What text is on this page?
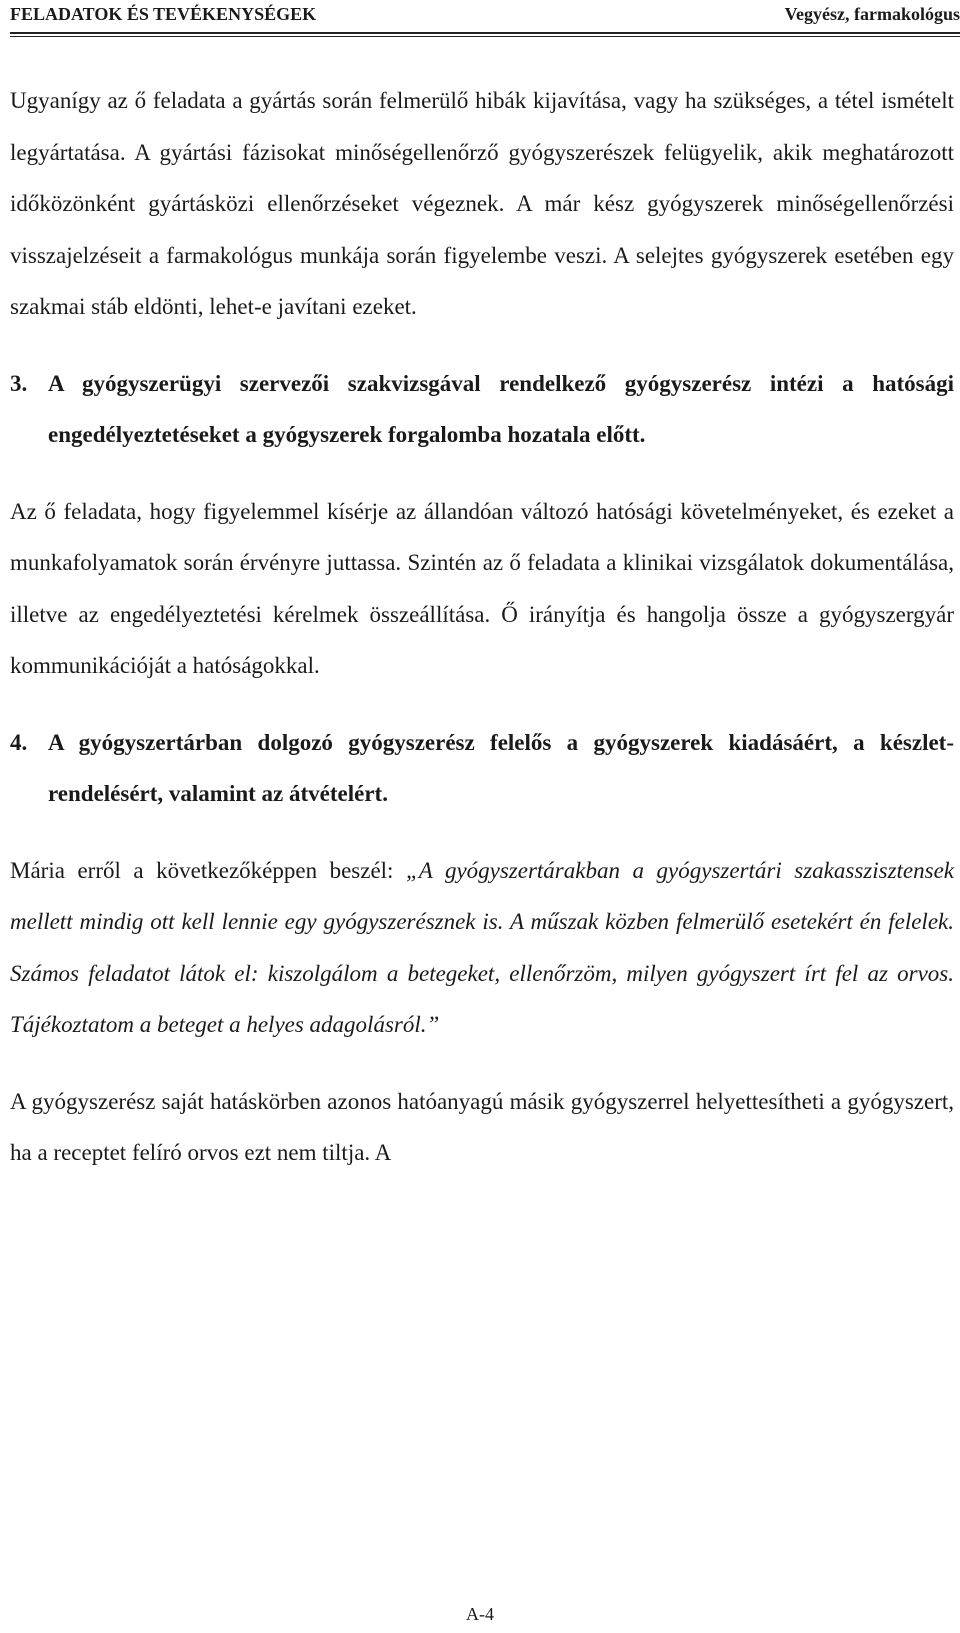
FELADATOK ÉS TEVÉKENYSÉGEK	Vegyész, farmakológus

Ugyanígy az ő feladata a gyártás során felmerülő hibák kijavítása, vagy ha szükséges, a tétel ismételt legyártatása. A gyártási fázisokat minőségellenőrző gyógyszerészek felügyelik, akik meghatározott időközönként gyártásközi ellenőrzéseket végeznek. A már kész gyógyszerek minőségellenőrzési visszajelzéseit a farmakológus munkája során figyelembe veszi. A selejtes gyógyszerek esetében egy szakmai stáb eldönti, lehet-e javítani ezeket.

3. A gyógyszerügyi szervezői szakvizsgával rendelkező gyógyszerész intézi a hatósági engedélyeztetéseket a gyógyszerek forgalomba hozatala előtt.

Az ő feladata, hogy figyelemmel kísérje az állandóan változó hatósági követelményeket, és ezeket a munkafolyamatok során érvényre juttassa. Szintén az ő feladata a klinikai vizsgálatok dokumentálása, illetve az engedélyeztetési kérelmek összeállítása. Ő irányítja és hangolja össze a gyógyszergyár kommunikációját a hatóságokkal.

4. A gyógyszertárban dolgozó gyógyszerész felelős a gyógyszerek kiadásáért, a készlet-rendelésért, valamint az átvételért.

Mária erről a következőképpen beszél: „A gyógyszertárakban a gyógyszertári szakasszisztensek mellett mindig ott kell lennie egy gyógyszerésznek is. A műszak közben felmerülő esetekért én felelek. Számos feladatot látok el: kiszolgálom a betegeket, ellenőrzöm, milyen gyógyszert írt fel az orvos. Tájékoztatom a beteget a helyes adagolásról.”

A gyógyszerész saját hatáskörben azonos hatóanyagú másik gyógyszerrel helyettesítheti a gyógyszert, ha a receptet felíró orvos ezt nem tiltja. A

A-4
